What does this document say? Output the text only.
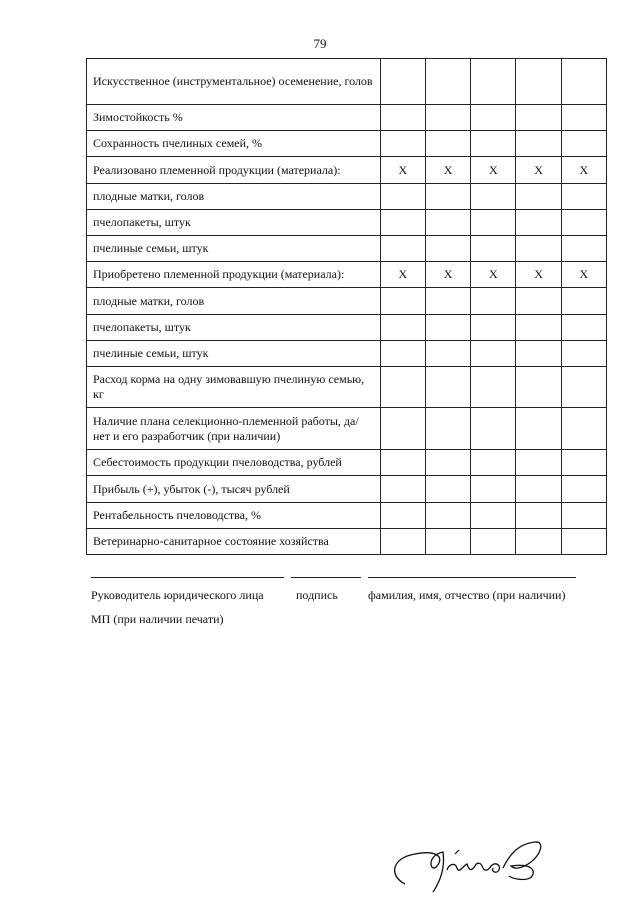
79
Искусственное (инструментальное) осеменение, голов					
Зимостойкость %					
Сохранность пчелиных семей, %					
Реализовано племенной продукции (материала):	Х	Х	Х	Х	Х
плодные матки, голов					
пчелопакеты, штук					
пчелиные семьи, штук					
Приобретено племенной продукции (материала):	Х	Х	Х	Х	Х
плодные матки, голов					
пчелопакеты, штук					
пчелиные семьи, штук					
Расход корма на одну зимовавшую пчелиную семью, кг					
Наличие плана селекционно-племенной работы, да/нет и его разработчик (при наличии)					
Себестоимость продукции пчеловодства, рублей					
Прибыль (+), убыток (-), тысяч рублей					
Рентабельность пчеловодства, %					
Ветеринарно-санитарное состояние хозяйства					
Руководитель юридического лица	подпись	фамилия, имя, отчество (при наличии)
МП (при наличии печати)
